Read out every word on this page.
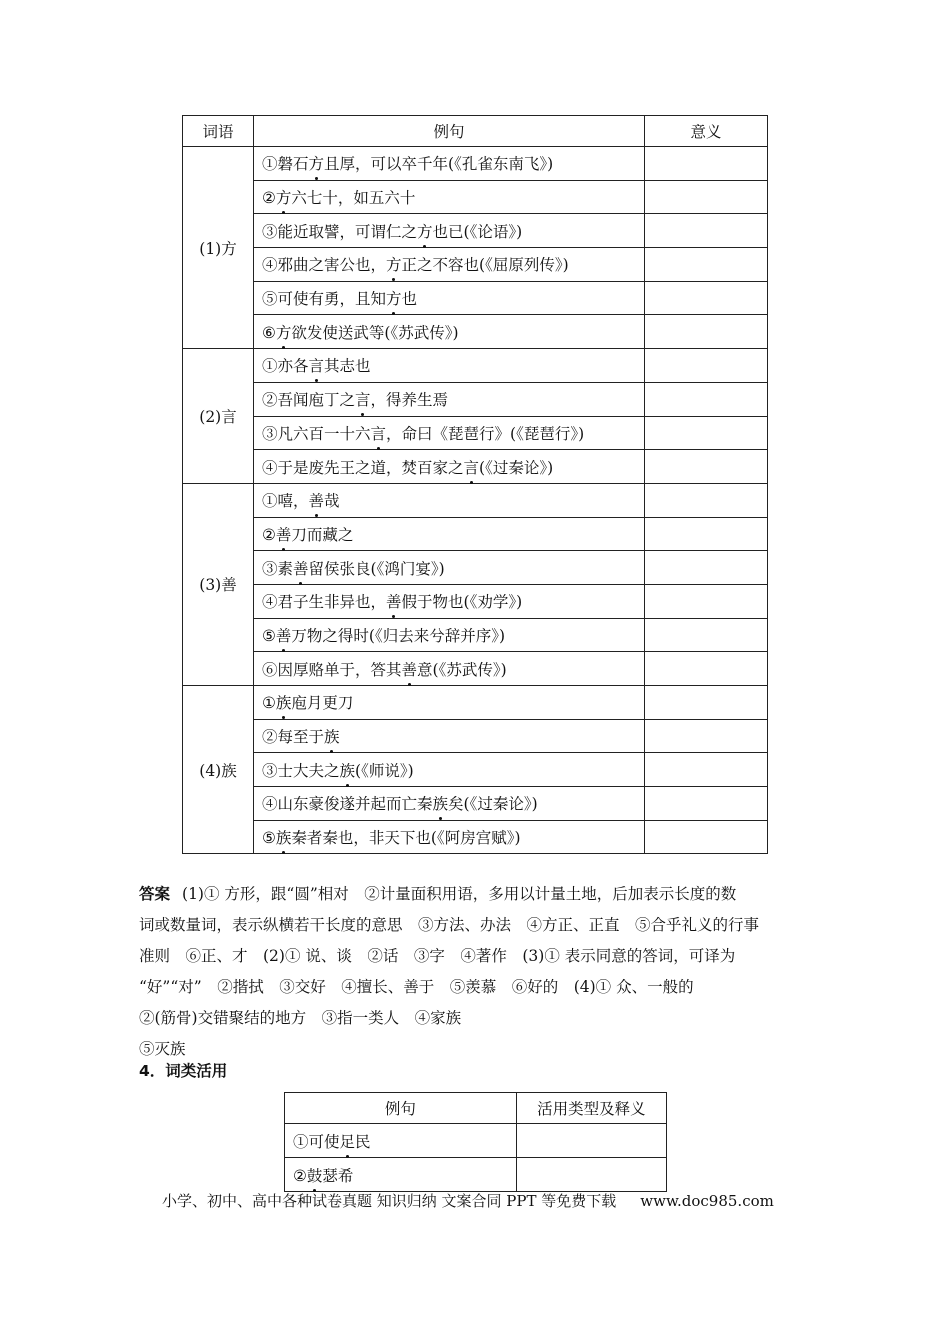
词语	例句	意义
(1)方	①磐石方且厚，可以卒千年(《孔雀东南飞》)	
	②方六七十，如五六十	
	③能近取譬，可谓仁之方也已(《论语》)	
	④邪曲之害公也，方正之不容也(《屈原列传》)	
	⑤可使有勇，且知方也	
	⑥方欲发使送武等(《苏武传》)	
(2)言	①亦各言其志也	
	②吾闻庖丁之言，得养生焉	
	③凡六百一十六言，命曰《琵琶行》(《琵琶行》)	
	④于是废先王之道，焚百家之言(《过秦论》)	
(3)善	①嘻，善哉	
	②善刀而藏之	
	③素善留侯张良(《鸿门宴》)	
	④君子生非异也，善假于物也(《劝学》)	
	⑤善万物之得时(《归去来兮辞并序》)	
	⑥因厚赂单于，答其善意(《苏武传》)	
(4)族	①族庖月更刀	
	②每至于族	
	③士大夫之族(《师说》)	
	④山东豪俊遂并起而亡秦族矣(《过秦论》)	
	⑤族秦者秦也，非天下也(《阿房宫赋》)	

答案 (1)① 方形，跟“圆”相对　②计量面积用语，多用以计量土地，后加表示长度的数

词或数量词，表示纵横若干长度的意思　③方法、办法　④方正、正直　⑤合乎礼义的行事

准则　⑥正、才　(2)① 说、谈　②话　③字　④著作　(3)① 表示同意的答词，可译为

“好”“对”　②揩拭　③交好　④擅长、善于　⑤羡慕　⑥好的　(4)① 众、一般的

②(筋骨)交错聚结的地方　③指一类人　④家族

⑤灭族

4．词类活用
例句	活用类型及释义
①可使足民	
②鼓瑟希	
小学、初中、高中各种试卷真题 知识归纳 文案合同 PPT 等免费下载 www.doc985.com
